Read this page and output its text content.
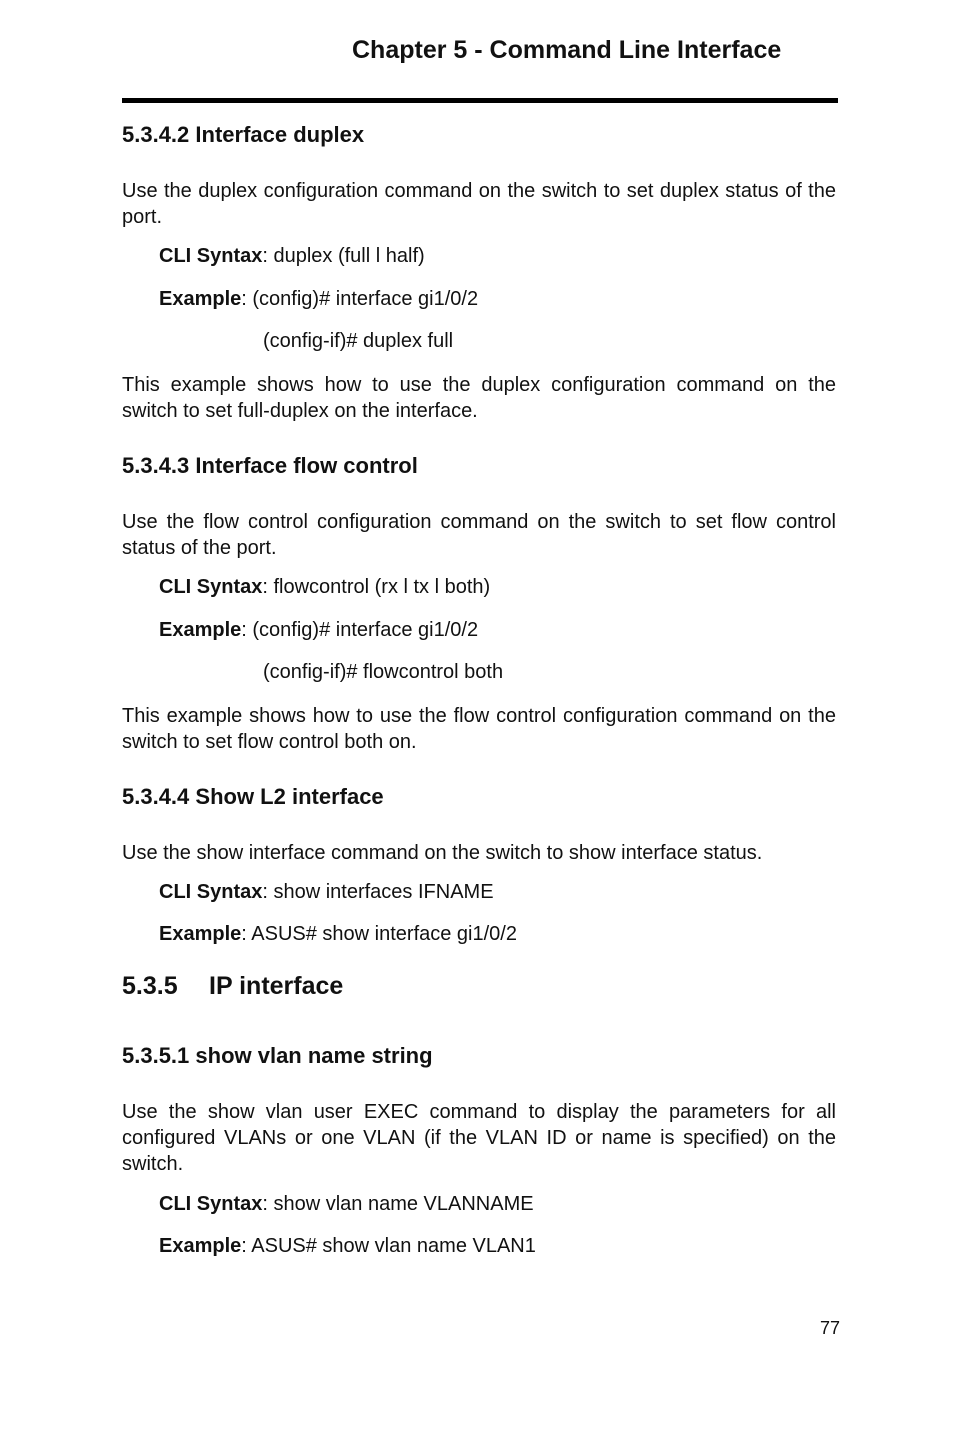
Chapter 5 - Command Line Interface
5.3.4.2 Interface duplex
Use the duplex configuration command on the switch to set duplex status of the port.
CLI Syntax: duplex (full l half)
Example: (config)# interface gi1/0/2
(config-if)# duplex full
This example shows how to use the duplex configuration command on the switch to set full-duplex on the interface.
5.3.4.3 Interface flow control
Use the flow control configuration command on the switch to set flow control status of the port.
CLI Syntax: flowcontrol (rx l tx l both)
Example: (config)# interface gi1/0/2
(config-if)# flowcontrol both
This example shows how to use the flow control configuration command on the switch to set flow control both on.
5.3.4.4 Show L2 interface
Use the show interface command on the switch to show interface status.
CLI Syntax: show interfaces IFNAME
Example: ASUS# show interface gi1/0/2
5.3.5 IP interface
5.3.5.1 show vlan name string
Use the show vlan user EXEC command to display the parameters for all configured VLANs or one VLAN (if the VLAN ID or name is specified) on the switch.
CLI Syntax: show vlan name VLANNAME
Example: ASUS# show vlan name VLAN1
77
